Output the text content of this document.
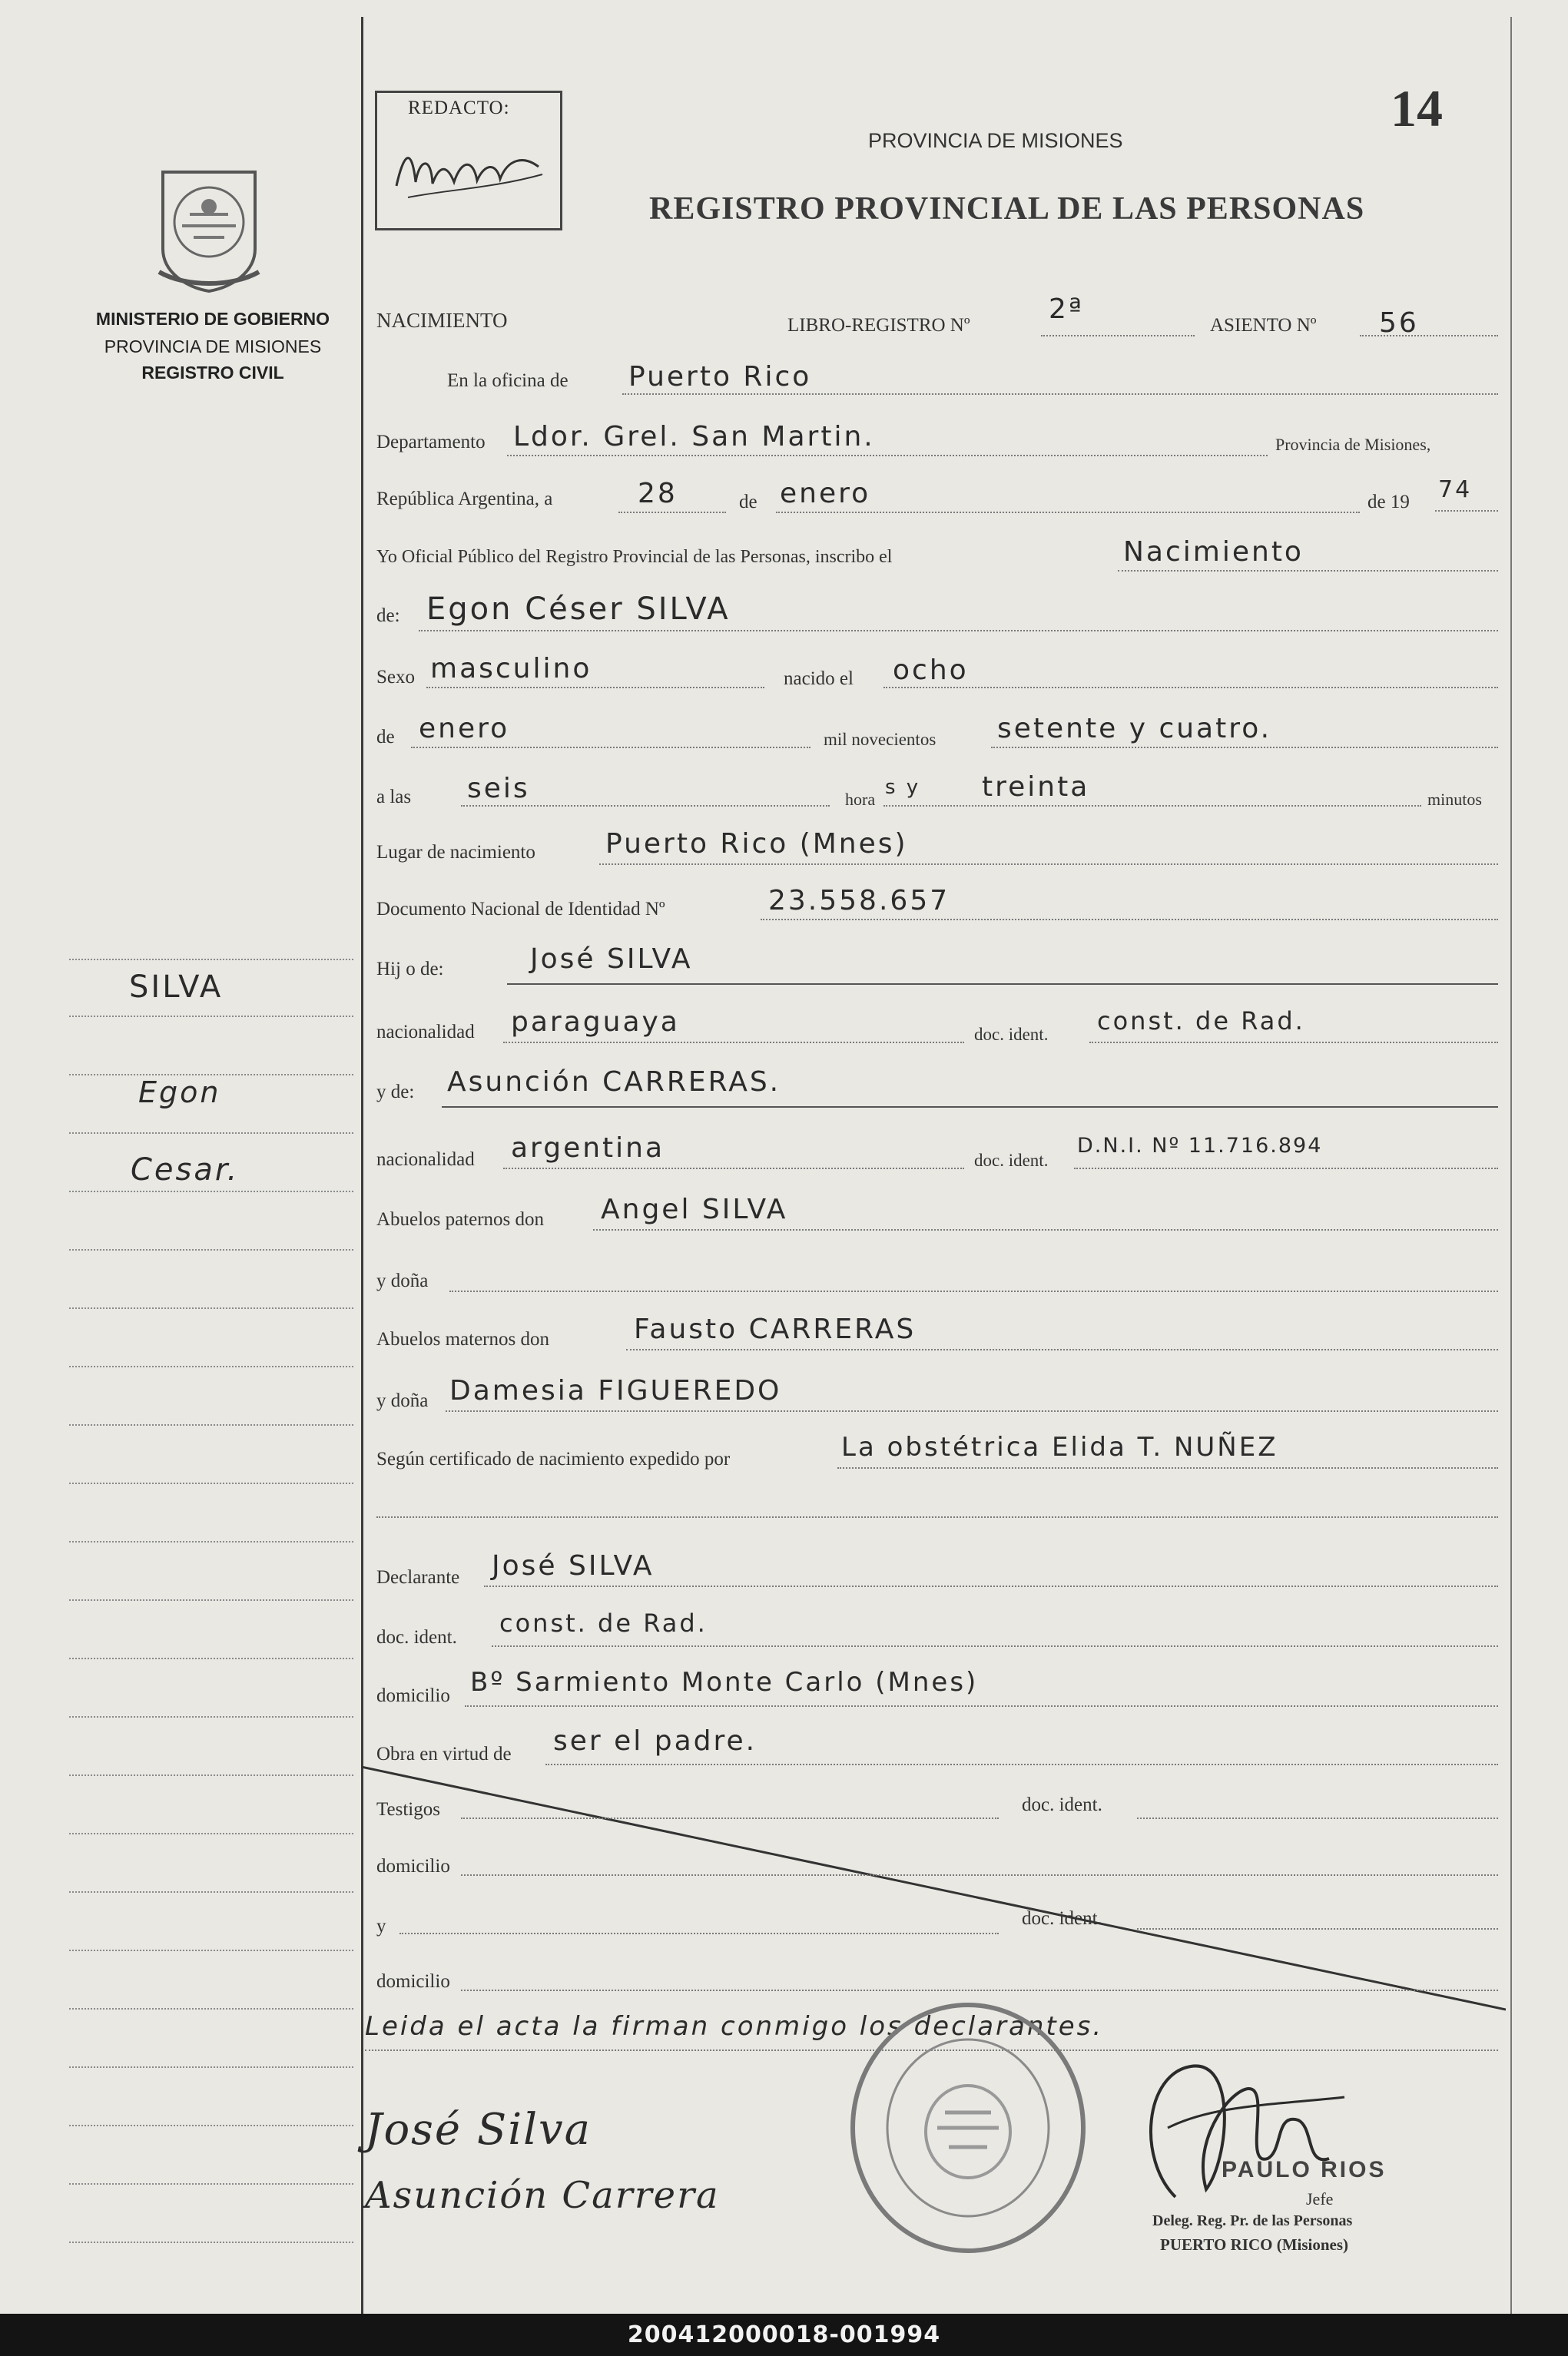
14
REDACTO:
PROVINCIA DE MISIONES
REGISTRO PROVINCIAL DE LAS PERSONAS
MINISTERIO DE GOBIERNO
PROVINCIA DE MISIONES
REGISTRO CIVIL
SILVA
Egon
Cesar.
NACIMIENTO	LIBRO-REGISTRO Nº
2ª
ASIENTO Nº 56
En la oficina de Puerto Rico
Departamento Ldor. Grel. San Martin.	Provincia de Misiones,
República Argentina, a	28	de enero	de 19 74
Yo Oficial Público del Registro Provincial de las Personas, inscribo el	Nacimiento
de: Egon Céser SILVA
Sexo masculino	nacido el ocho
de enero	mil novecientos setente y cuatro.
a las seis	hora
s y treinta	minutos
Lugar de nacimiento	Puerto Rico (Mnes)
Documento Nacional de Identidad Nº	23.558.657
Hij o de:	José SILVA
nacionalidad paraguaya	doc. ident. const. de Rad.
y de: Asunción CARRERAS.
nacionalidad argentina	doc. ident.
D.N.I. Nº 11.716.894
Abuelos paternos don Angel SILVA
y doña
Abuelos maternos don	Fausto CARRERAS
y doña Damesia FIGUEREDO
Según certificado de nacimiento expedido por	La obstétrica Elida T. NUÑEZ
Declarante José SILVA
doc. ident. const. de Rad.
domicilio Bº Sarmiento Monte Carlo (Mnes)
Obra en virtud de ser el padre.
Testigos	doc. ident.
domicilio
y	doc. ident.
domicilio
Leida el acta la firman conmigo los declarantes.
José Silva
Asunción Carrera
PAULO RIOS
Jefe
Deleg. Reg. Pr. de las Personas
PUERTO RICO (Misiones)
200412000018-001994
